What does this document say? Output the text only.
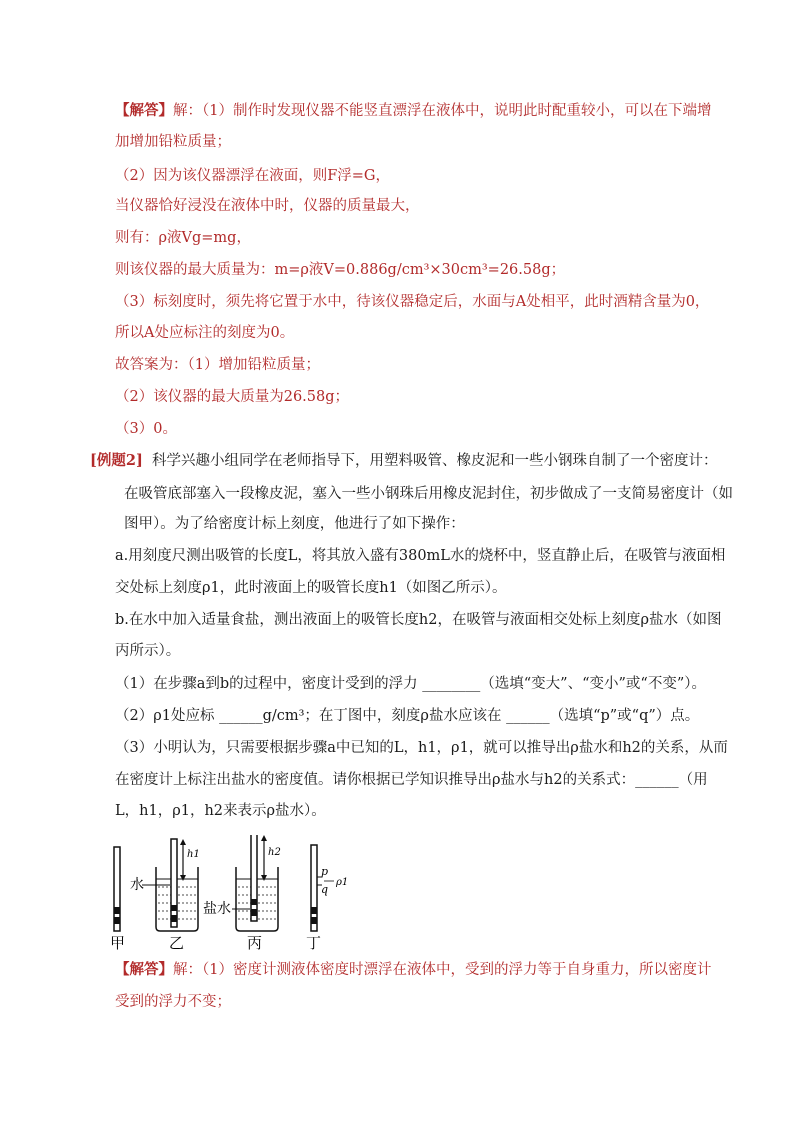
【解答】解：（1）制作时发现仪器不能竖直漂浮在液体中，说明此时配重较小，可以在下端增
加增加铅粒质量；
（2）因为该仪器漂浮在液面，则F浮=G，
当仪器恰好浸没在液体中时，仪器的质量最大，
则有：ρ液Vg=mg，
则该仪器的最大质量为：m=ρ液V=0.886g/cm³×30cm³=26.58g；
（3）标刻度时，须先将它置于水中，待该仪器稳定后，水面与A处相平，此时酒精含量为0，
所以A处应标注的刻度为0。
故答案为：（1）增加铅粒质量；
（2）该仪器的最大质量为26.58g；
（3）0。
[例题2] 科学兴趣小组同学在老师指导下，用塑料吸管、橡皮泥和一些小钢珠自制了一个密度计：
在吸管底部塞入一段橡皮泥，塞入一些小钢珠后用橡皮泥封住，初步做成了一支简易密度计（如
图甲）。为了给密度计标上刻度，他进行了如下操作：
a.用刻度尺测出吸管的长度L，将其放入盛有380mL水的烧杯中，竖直静止后，在吸管与液面相
交处标上刻度ρ1，此时液面上的吸管长度h1（如图乙所示）。
b.在水中加入适量食盐，测出液面上的吸管长度h2，在吸管与液面相交处标上刻度ρ盐水（如图
丙所示）。
（1）在步骤a到b的过程中，密度计受到的浮力 ________（选填“变大”、“变小”或“不变”）。
（2）ρ1处应标 ______g/cm³；在丁图中，刻度ρ盐水应该在 ______（选填“p”或“q”）点。
（3）小明认为，只需要根据步骤a中已知的L，h1，ρ1，就可以推导出ρ盐水和h2的关系，从而
在密度计上标注出盐水的密度值。请你根据已学知识推导出ρ盐水与h2的关系式：______（用
L，h1，ρ1，h2来表示ρ盐水）。
h1	h2
水
盐水
p
q
ρ1
甲	乙	丙	丁
【解答】解：（1）密度计测液体密度时漂浮在液体中，受到的浮力等于自身重力，所以密度计
受到的浮力不变；
